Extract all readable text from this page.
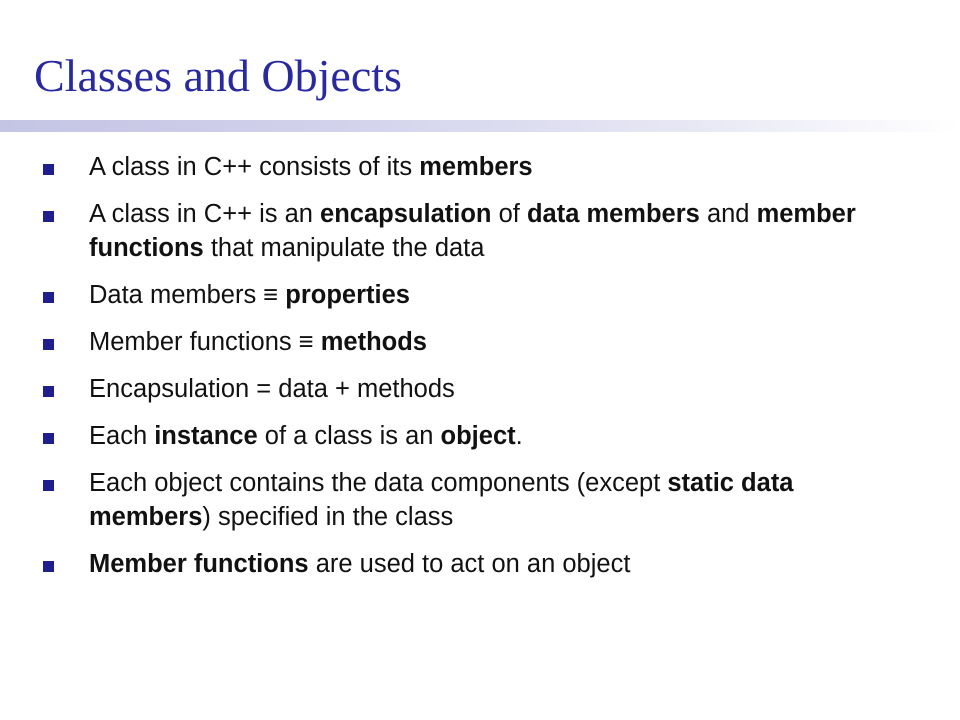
Classes and Objects
A class in C++ consists of its members
A class in C++ is an encapsulation of data members and member functions that manipulate the data
Data members ≡ properties
Member functions ≡ methods
Encapsulation = data + methods
Each instance of a class is an object.
Each object contains the data components (except static data members) specified in the class
Member functions are used to act on an object
